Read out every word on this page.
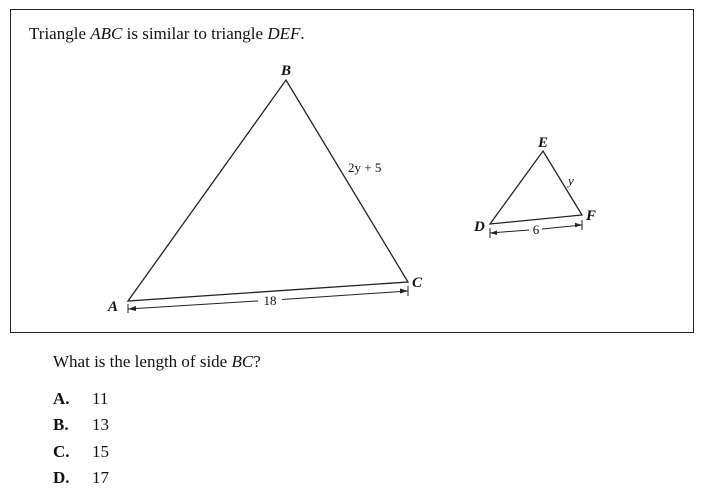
Triangle ABC is similar to triangle DEF.
B
A
C
2y + 5
18
E
D
F
y
6
What is the length of side BC?
A.	11
B.	13
C.	15
D.	17
